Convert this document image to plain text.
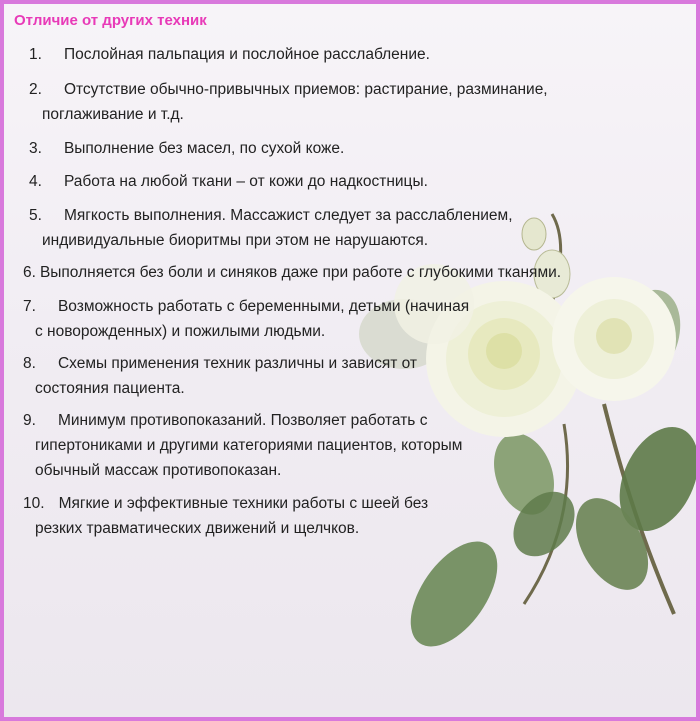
Отличие от других техник
1. Послойная пальпация и послойное расслабление.
2. Отсутствие обычно-привычных приемов: растирание, разминание,
поглаживание и т.д.
3. Выполнение без масел, по сухой коже.
4. Работа на любой ткани – от кожи до надкостницы.
5. Мягкость выполнения. Массажист следует за расслаблением,
индивидуальные биоритмы при этом не нарушаются.
6. Выполняется без боли и синяков даже при работе с глубокими тканями.
7. Возможность работать с беременными, детьми (начиная
с новорожденных) и пожилыми людьми.
8. Схемы применения техник различны и зависят от
состояния пациента.
9. Минимум противопоказаний. Позволяет работать с
гипертониками и другими категориями пациентов, которым
обычный массаж противопоказан.
10. Мягкие и эффективные техники работы с шеей без
резких травматических движений и щелчков.
